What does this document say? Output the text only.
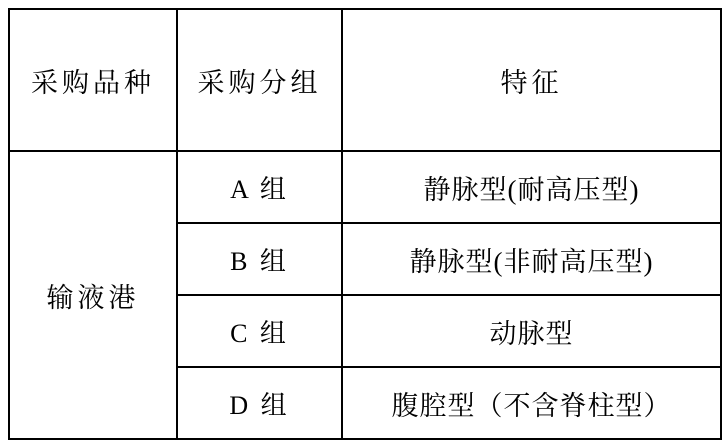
采购品种	采购分组	特征
输液港	A 组	静脉型(耐高压型)
	B 组	静脉型(非耐高压型)
	C 组	动脉型
	D 组	腹腔型（不含脊柱型）
